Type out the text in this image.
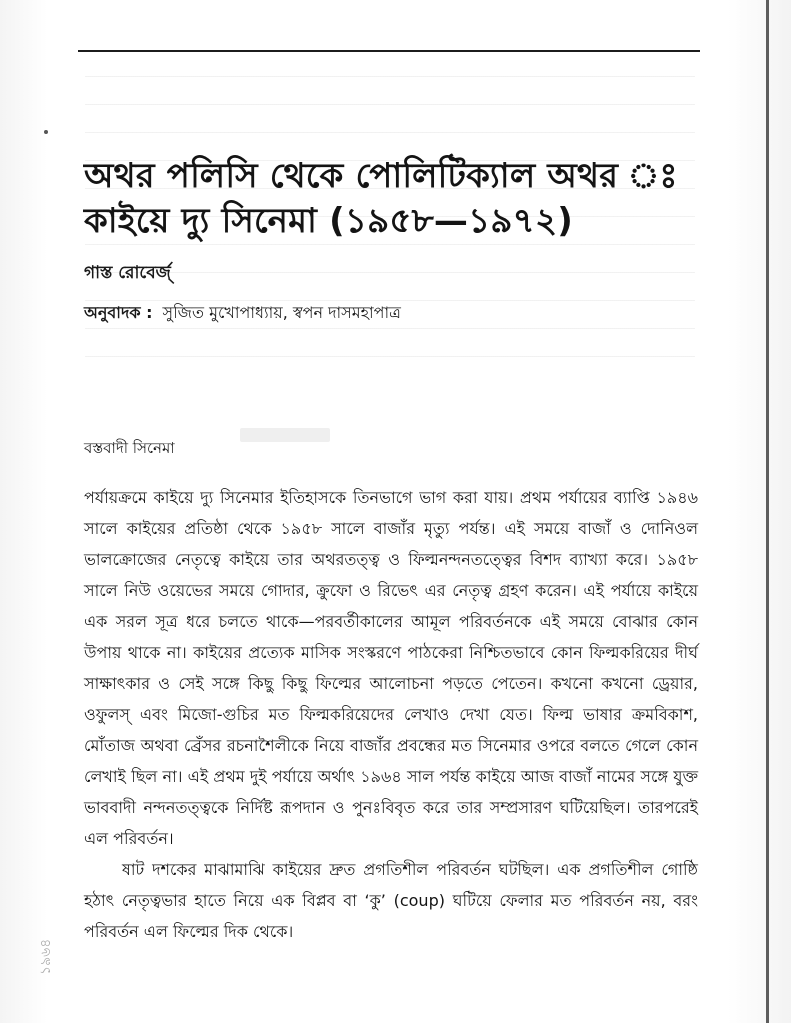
১৯৬৪
অথর পলিসি থেকে পোলিটিক্যাল অথর ঃ কাইয়ে দ্যু সিনেমা (১৯৫৮—১৯৭২)
গাস্ত রোবের্জ্
অনুবাদক : সুজিত মুখোপাধ্যায়, স্বপন দাসমহাপাত্র
বস্তবাদী সিনেমা

পর্যায়ক্রমে কাইয়ে দ্যু সিনেমার ইতিহাসকে তিনভাগে ভাগ করা যায়। প্রথম পর্যায়ের ব্যাপ্তি ১৯৪৬ সালে কাইয়ের প্রতিষ্ঠা থেকে ১৯৫৮ সালে বাজাঁর মৃত্যু পর্যন্ত। এই সময়ে বাজাঁ ও দোনিওল ভালক্রোজের নেতৃত্বে কাইয়ে তার অথরতত্ত্ব ও ফিল্মনন্দনতত্ত্বের বিশদ ব্যাখ্যা করে। ১৯৫৮ সালে নিউ ওয়েভের সময়ে গোদার, ক্রুফো ও রিভেৎ এর নেতৃত্ব গ্রহণ করেন। এই পর্যায়ে কাইয়ে এক সরল সূত্র ধরে চলতে থাকে—পরবর্তীকালের আমূল পরিবর্তনকে এই সময়ে বোঝার কোন উপায় থাকে না। কাইয়ের প্রত্যেক মাসিক সংস্করণে পাঠকেরা নিশ্চিতভাবে কোন ফিল্মকরিয়ের দীর্ঘ সাক্ষাৎকার ও সেই সঙ্গে কিছু কিছু ফিল্মের আলোচনা পড়তে পেতেন। কখনো কখনো ড্রেয়ার, ওফুলস্ এবং মিজো-গুচির মত ফিল্মকরিয়েদের লেখাও দেখা যেত। ফিল্ম ভাষার ক্রমবিকাশ, মোঁতাজ অথবা ব্রেঁসর রচনাশৈলীকে নিয়ে বাজাঁর প্রবন্ধের মত সিনেমার ওপরে বলতে গেলে কোন লেখাই ছিল না। এই প্রথম দুই পর্যায়ে অর্থাৎ ১৯৬৪ সাল পর্যন্ত কাইয়ে আজ বাজাঁ নামের সঙ্গে যুক্ত ভাববাদী নন্দনতত্ত্বকে নির্দিষ্ট রূপদান ও পুনঃবিবৃত করে তার সম্প্রসারণ ঘটিয়েছিল। তারপরেই এল পরিবর্তন।

ষাট দশকের মাঝামাঝি কাইয়ের দ্রুত প্রগতিশীল পরিবর্তন ঘটছিল। এক প্রগতিশীল গোষ্ঠি হঠাৎ নেতৃত্বভার হাতে নিয়ে এক বিপ্লব বা ‘কু’ (coup) ঘটিয়ে ফেলার মত পরিবর্তন নয়, বরং পরিবর্তন এল ফিল্মের দিক থেকে।
